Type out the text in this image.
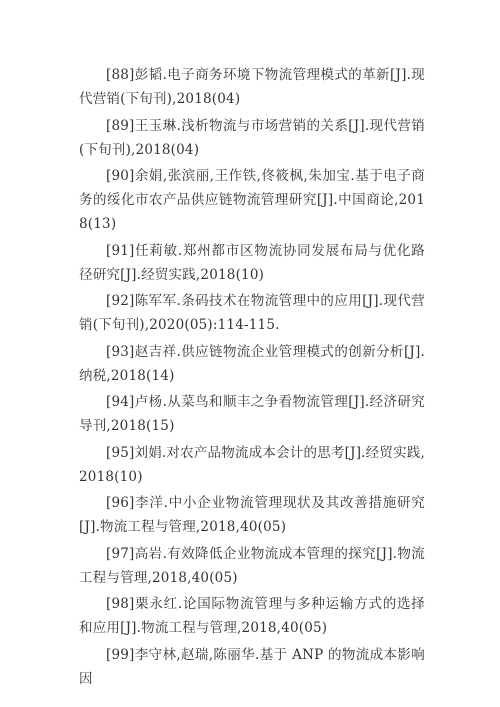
[88]彭韬.电子商务环境下物流管理模式的革新[J].现代营销(下旬刊),2018(04)

[89]王玉琳.浅析物流与市场营销的关系[J].现代营销(下旬刊),2018(04)

[90]余娟,张滨丽,王作铁,佟筱枫,朱加宝.基于电子商务的绥化市农产品供应链物流管理研究[J].中国商论,2018(13)

[91]任莉敏.郑州都市区物流协同发展布局与优化路径研究[J].经贸实践,2018(10)

[92]陈军军.条码技术在物流管理中的应用[J].现代营销(下旬刊),2020(05):114-115.

[93]赵吉祥.供应链物流企业管理模式的创新分析[J].纳税,2018(14)

[94]卢杨.从菜鸟和顺丰之争看物流管理[J].经济研究导刊,2018(15)

[95]刘娟.对农产品物流成本会计的思考[J].经贸实践,2018(10)

[96]李洋.中小企业物流管理现状及其改善措施研究[J].物流工程与管理,2018,40(05)

[97]高岩.有效降低企业物流成本管理的探究[J].物流工程与管理,2018,40(05)

[98]栗永红.论国际物流管理与多种运输方式的选择和应用[J].物流工程与管理,2018,40(05)

[99]李守林,赵瑞,陈丽华.基于 ANP 的物流成本影响因
